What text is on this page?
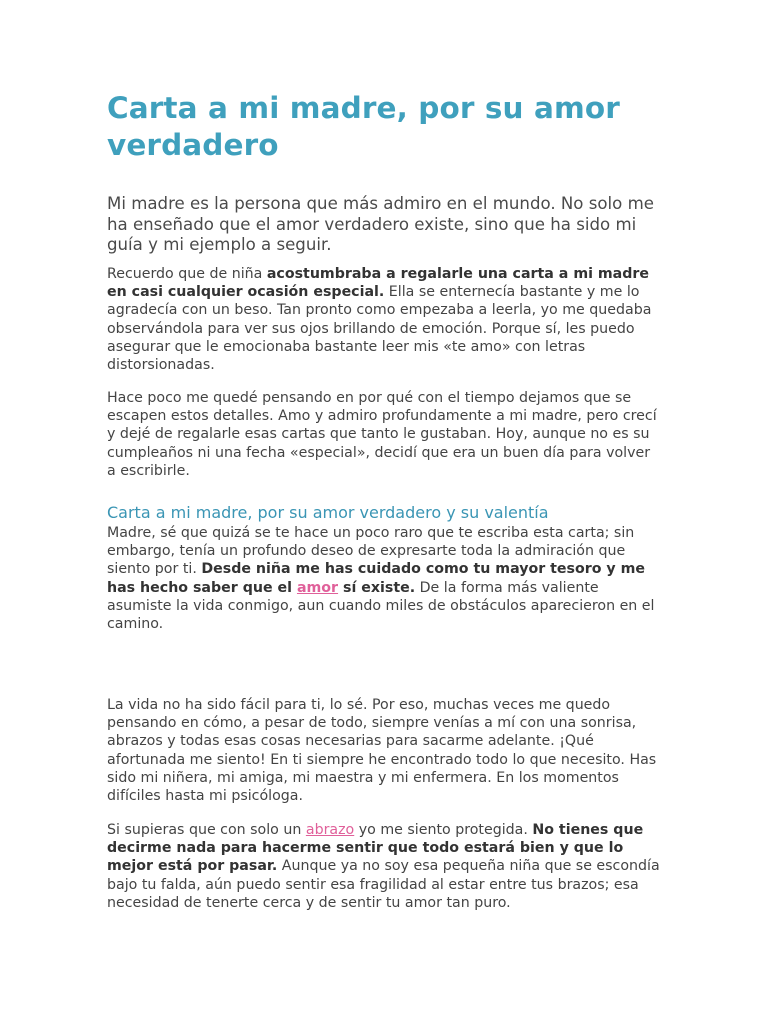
Carta a mi madre, por su amor verdadero

Mi madre es la persona que más admiro en el mundo. No solo me ha enseñado que el amor verdadero existe, sino que ha sido mi guía y mi ejemplo a seguir.

Recuerdo que de niña acostumbraba a regalarle una carta a mi madre en casi cualquier ocasión especial. Ella se enternecía bastante y me lo agradecía con un beso. Tan pronto como empezaba a leerla, yo me quedaba observándola para ver sus ojos brillando de emoción. Porque sí, les puedo asegurar que le emocionaba bastante leer mis «te amo» con letras distorsionadas.

Hace poco me quedé pensando en por qué con el tiempo dejamos que se escapen estos detalles. Amo y admiro profundamente a mi madre, pero crecí y dejé de regalarle esas cartas que tanto le gustaban. Hoy, aunque no es su cumpleaños ni una fecha «especial», decidí que era un buen día para volver a escribirle.

Carta a mi madre, por su amor verdadero y su valentía

Madre, sé que quizá se te hace un poco raro que te escriba esta carta; sin embargo, tenía un profundo deseo de expresarte toda la admiración que siento por ti. Desde niña me has cuidado como tu mayor tesoro y me has hecho saber que el amor sí existe. De la forma más valiente asumiste la vida conmigo, aun cuando miles de obstáculos aparecieron en el camino.

La vida no ha sido fácil para ti, lo sé. Por eso, muchas veces me quedo pensando en cómo, a pesar de todo, siempre venías a mí con una sonrisa, abrazos y todas esas cosas necesarias para sacarme adelante. ¡Qué afortunada me siento! En ti siempre he encontrado todo lo que necesito. Has sido mi niñera, mi amiga, mi maestra y mi enfermera. En los momentos difíciles hasta mi psicóloga.

Si supieras que con solo un abrazo yo me siento protegida. No tienes que decirme nada para hacerme sentir que todo estará bien y que lo mejor está por pasar. Aunque ya no soy esa pequeña niña que se escondía bajo tu falda, aún puedo sentir esa fragilidad al estar entre tus brazos; esa necesidad de tenerte cerca y de sentir tu amor tan puro.
